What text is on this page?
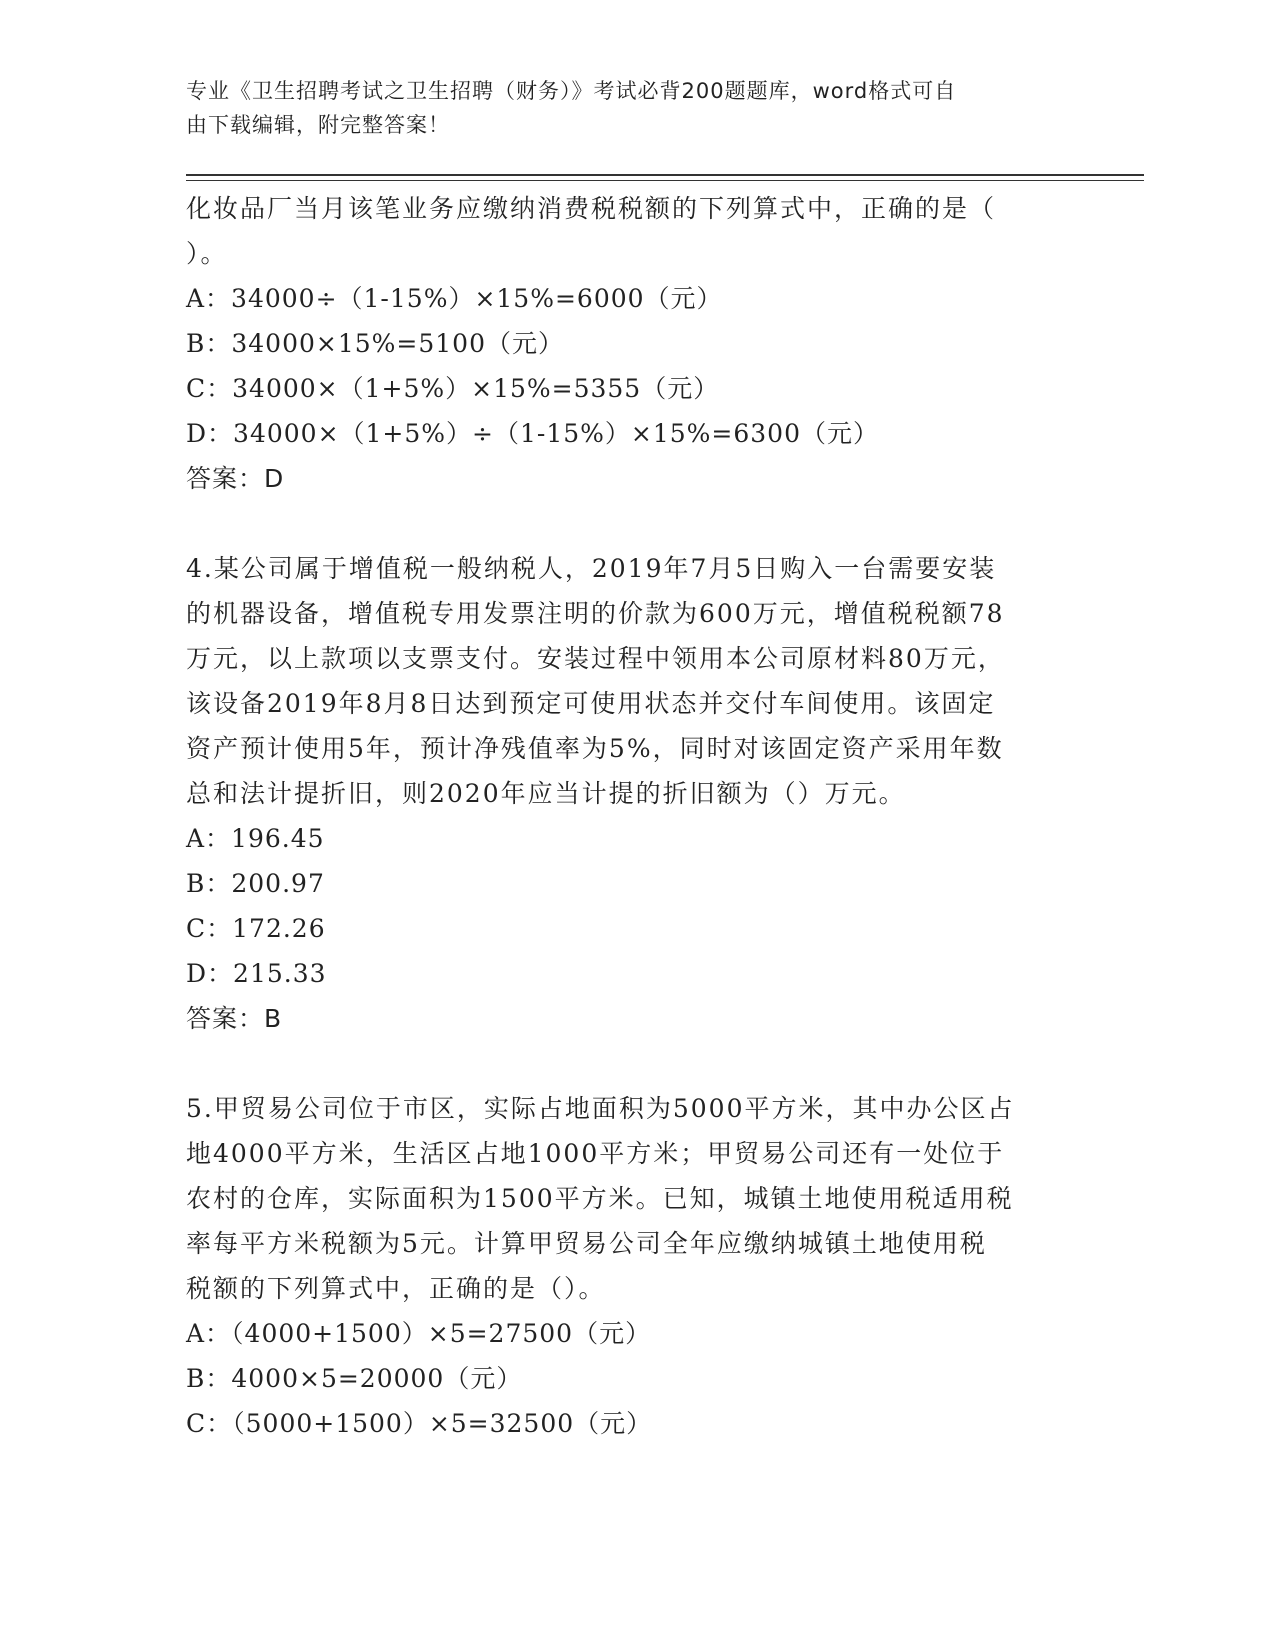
专业《卫生招聘考试之卫生招聘（财务）》考试必背200题题库，word格式可自
由下载编辑，附完整答案！
化妆品厂当月该笔业务应缴纳消费税税额的下列算式中，正确的是（
）。
A：34000÷（1-15%）×15%=6000（元）
B：34000×15%=5100（元）
C：34000×（1+5%）×15%=5355（元）
D：34000×（1+5%）÷（1-15%）×15%=6300（元）
答案：D
4.某公司属于增值税一般纳税人，2019年7月5日购入一台需要安装
的机器设备，增值税专用发票注明的价款为600万元，增值税税额78
万元，以上款项以支票支付。安装过程中领用本公司原材料80万元，
该设备2019年8月8日达到预定可使用状态并交付车间使用。该固定
资产预计使用5年，预计净残值率为5%，同时对该固定资产采用年数
总和法计提折旧，则2020年应当计提的折旧额为（）万元。
A：196.45
B：200.97
C：172.26
D：215.33
答案：B
5.甲贸易公司位于市区，实际占地面积为5000平方米，其中办公区占
地4000平方米，生活区占地1000平方米；甲贸易公司还有一处位于
农村的仓库，实际面积为1500平方米。已知，城镇土地使用税适用税
率每平方米税额为5元。计算甲贸易公司全年应缴纳城镇土地使用税
税额的下列算式中，正确的是（）。
A：（4000+1500）×5=27500（元）
B：4000×5=20000（元）
C：（5000+1500）×5=32500（元）
